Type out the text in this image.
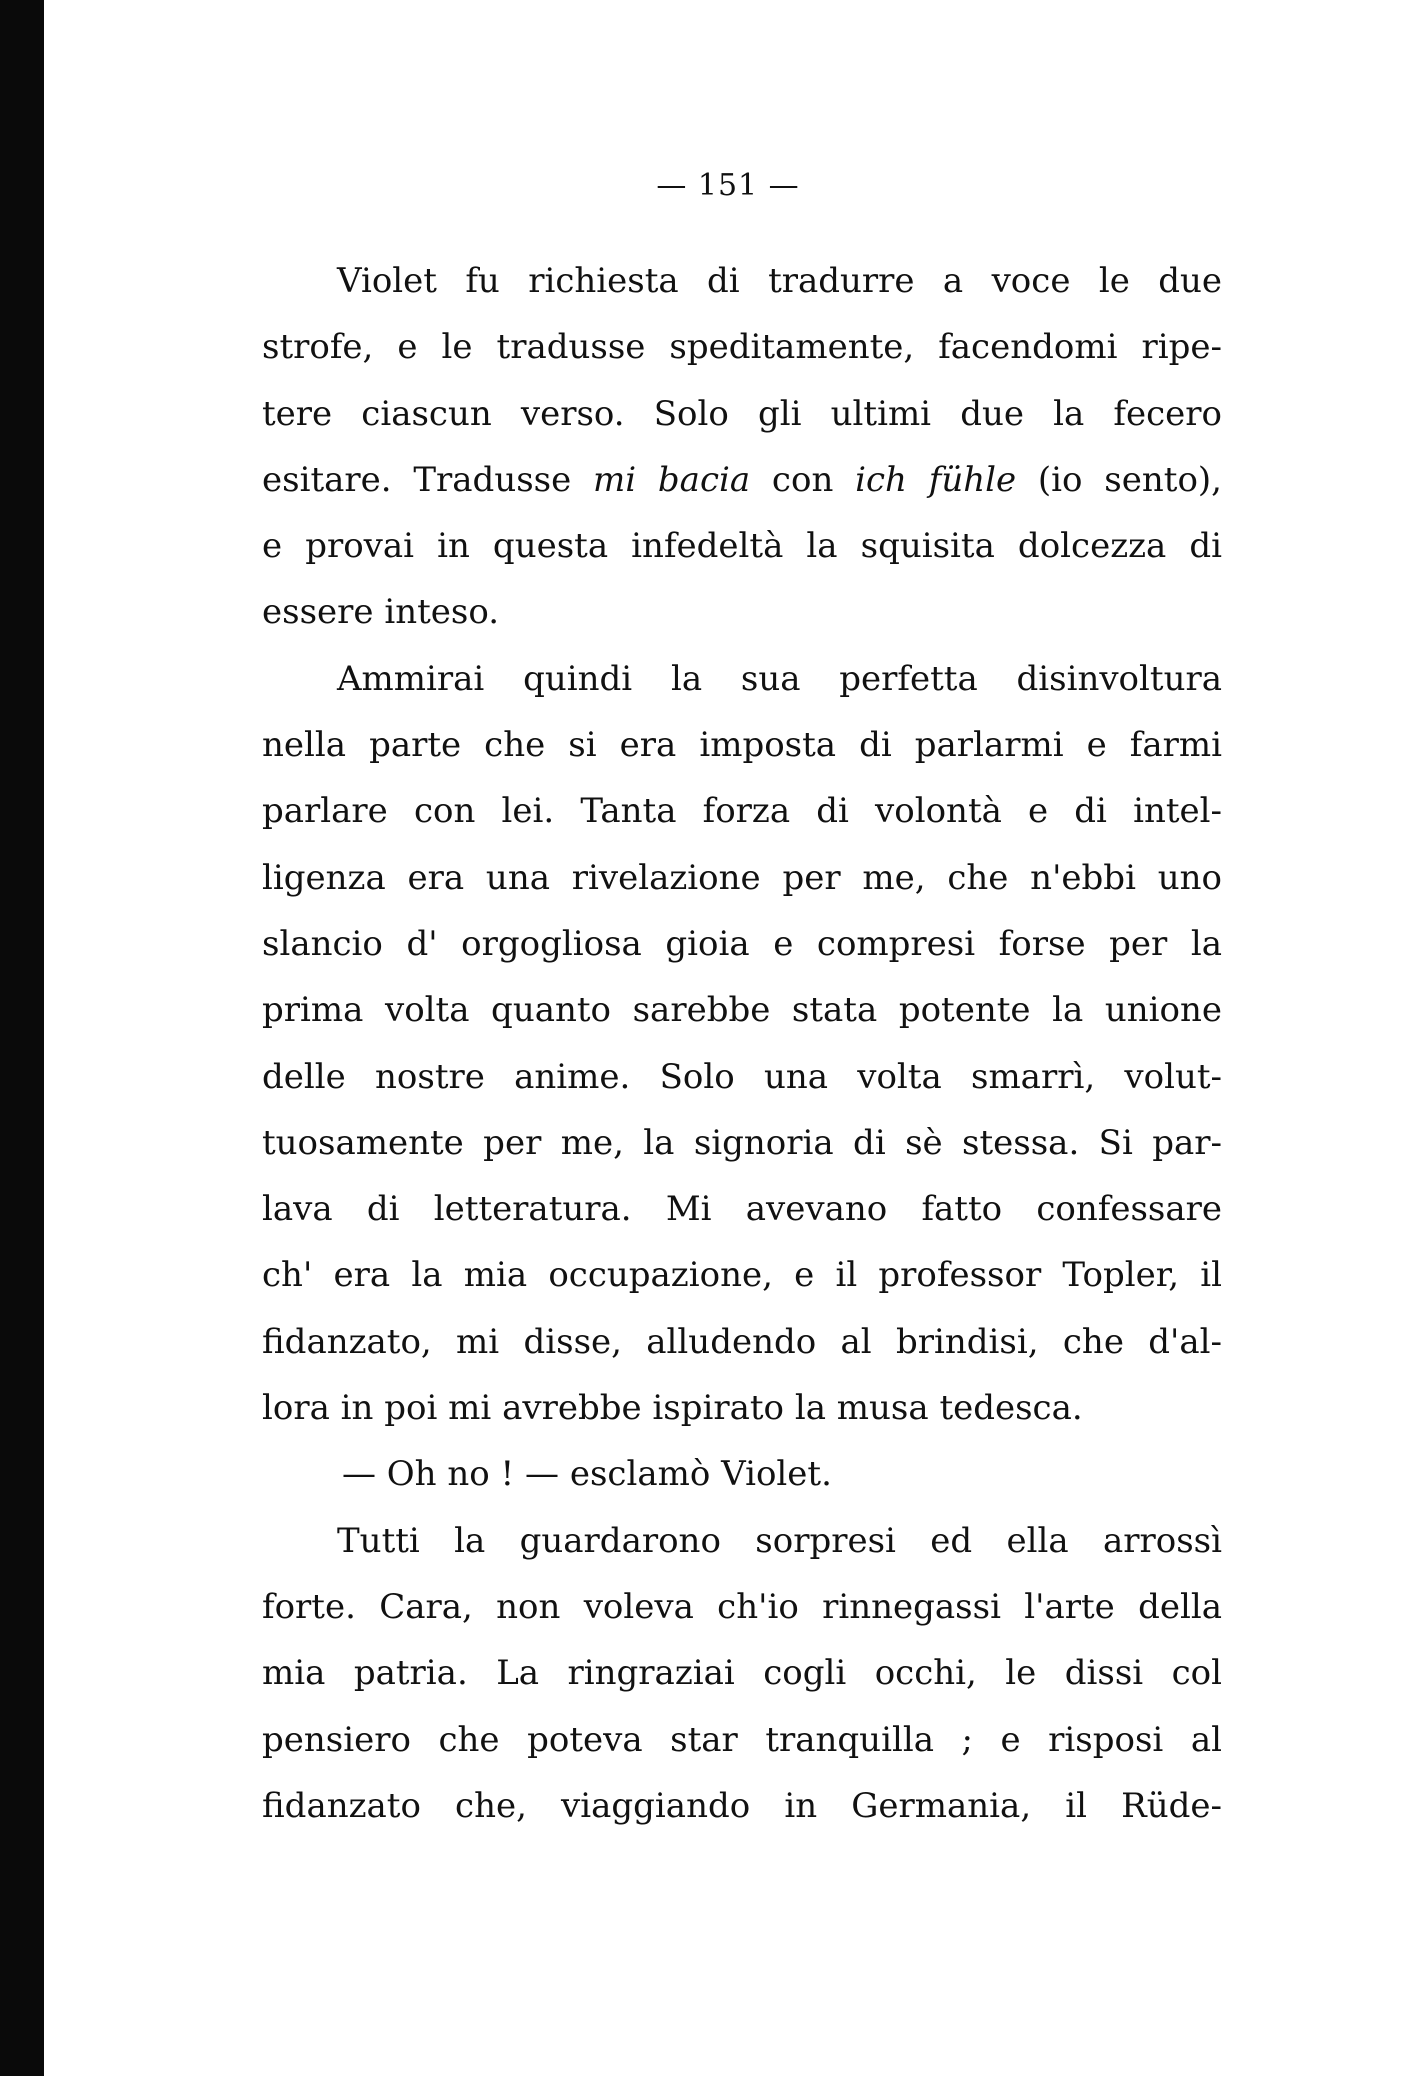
— 151 —
Violet fu richiesta di tradurre a voce le due
strofe, e le tradusse speditamente, facendomi ripe-
tere ciascun verso. Solo gli ultimi due la fecero
esitare. Tradusse mi bacia con ich fühle (io sento),
e provai in questa infedeltà la squisita dolcezza di
essere inteso.
Ammirai quindi la sua perfetta disinvoltura
nella parte che si era imposta di parlarmi e farmi
parlare con lei. Tanta forza di volontà e di intel-
ligenza era una rivelazione per me, che n'ebbi uno
slancio d' orgogliosa gioia e compresi forse per la
prima volta quanto sarebbe stata potente la unione
delle nostre anime. Solo una volta smarrì, volut-
tuosamente per me, la signoria di sè stessa. Si par-
lava di letteratura. Mi avevano fatto confessare
ch' era la mia occupazione, e il professor Topler, il
fidanzato, mi disse, alludendo al brindisi, che d'al-
lora in poi mi avrebbe ispirato la musa tedesca.
— Oh no ! — esclamò Violet.
Tutti la guardarono sorpresi ed ella arrossì
forte. Cara, non voleva ch'io rinnegassi l'arte della
mia patria. La ringraziai cogli occhi, le dissi col
pensiero che poteva star tranquilla ; e risposi al
fidanzato che, viaggiando in Germania, il Rüde-
